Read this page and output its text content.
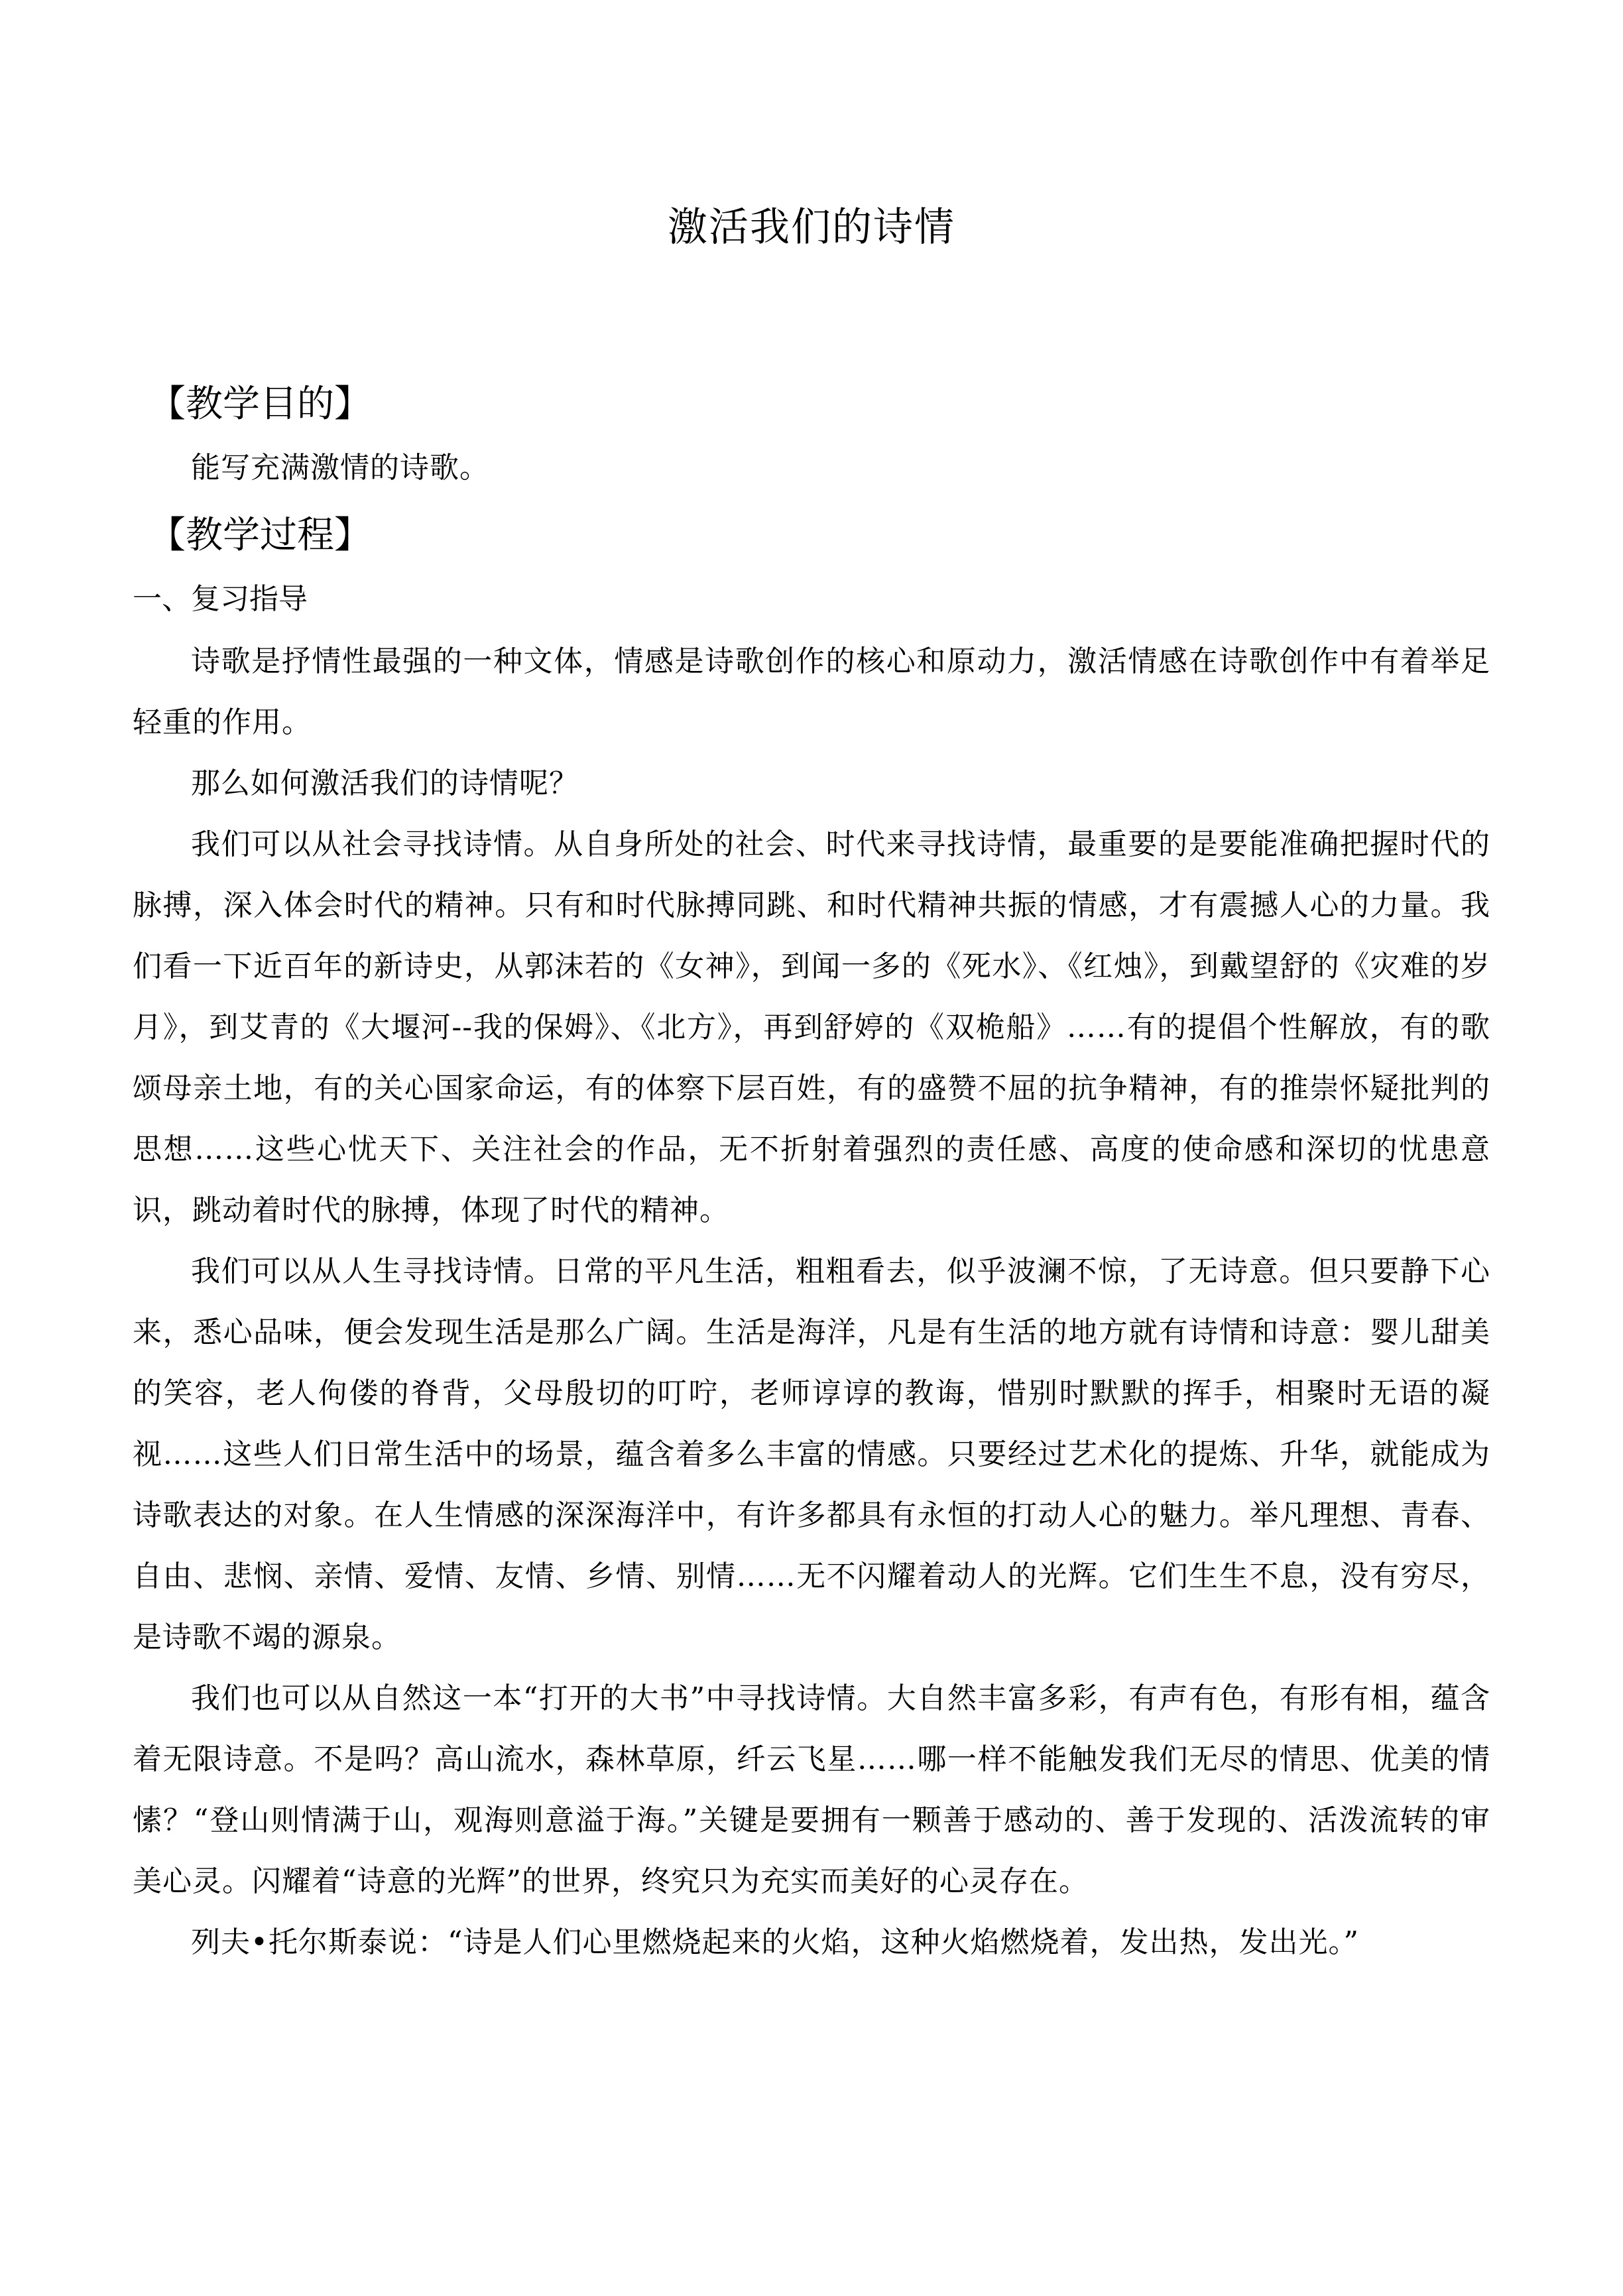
激活我们的诗情
【教学目的】

能写充满激情的诗歌。

【教学过程】

一、复习指导

诗歌是抒情性最强的一种文体，情感是诗歌创作的核心和原动力，激活情感在诗歌创作中有着举足轻重的作用。

那么如何激活我们的诗情呢？

我们可以从社会寻找诗情。从自身所处的社会、时代来寻找诗情，最重要的是要能准确把握时代的脉搏，深入体会时代的精神。只有和时代脉搏同跳、和时代精神共振的情感，才有震撼人心的力量。我们看一下近百年的新诗史，从郭沫若的《女神》，到闻一多的《死水》、《红烛》，到戴望舒的《灾难的岁月》，到艾青的《大堰河--我的保姆》、《北方》，再到舒婷的《双桅船》……有的提倡个性解放，有的歌颂母亲土地，有的关心国家命运，有的体察下层百姓，有的盛赞不屈的抗争精神，有的推崇怀疑批判的思想……这些心忧天下、关注社会的作品，无不折射着强烈的责任感、高度的使命感和深切的忧患意识，跳动着时代的脉搏，体现了时代的精神。

我们可以从人生寻找诗情。日常的平凡生活，粗粗看去，似乎波澜不惊，了无诗意。但只要静下心来，悉心品味，便会发现生活是那么广阔。生活是海洋，凡是有生活的地方就有诗情和诗意：婴儿甜美的笑容，老人佝偻的脊背，父母殷切的叮咛，老师谆谆的教诲，惜别时默默的挥手，相聚时无语的凝视……这些人们日常生活中的场景，蕴含着多么丰富的情感。只要经过艺术化的提炼、升华，就能成为诗歌表达的对象。在人生情感的深深海洋中，有许多都具有永恒的打动人心的魅力。举凡理想、青春、自由、悲悯、亲情、爱情、友情、乡情、别情……无不闪耀着动人的光辉。它们生生不息，没有穷尽，是诗歌不竭的源泉。

我们也可以从自然这一本“打开的大书”中寻找诗情。大自然丰富多彩，有声有色，有形有相，蕴含着无限诗意。不是吗？高山流水，森林草原，纤云飞星……哪一样不能触发我们无尽的情思、优美的情愫？“登山则情满于山，观海则意溢于海。”关键是要拥有一颗善于感动的、善于发现的、活泼流转的审美心灵。闪耀着“诗意的光辉”的世界，终究只为充实而美好的心灵存在。

列夫•托尔斯泰说：“诗是人们心里燃烧起来的火焰，这种火焰燃烧着，发出热，发出光。”
